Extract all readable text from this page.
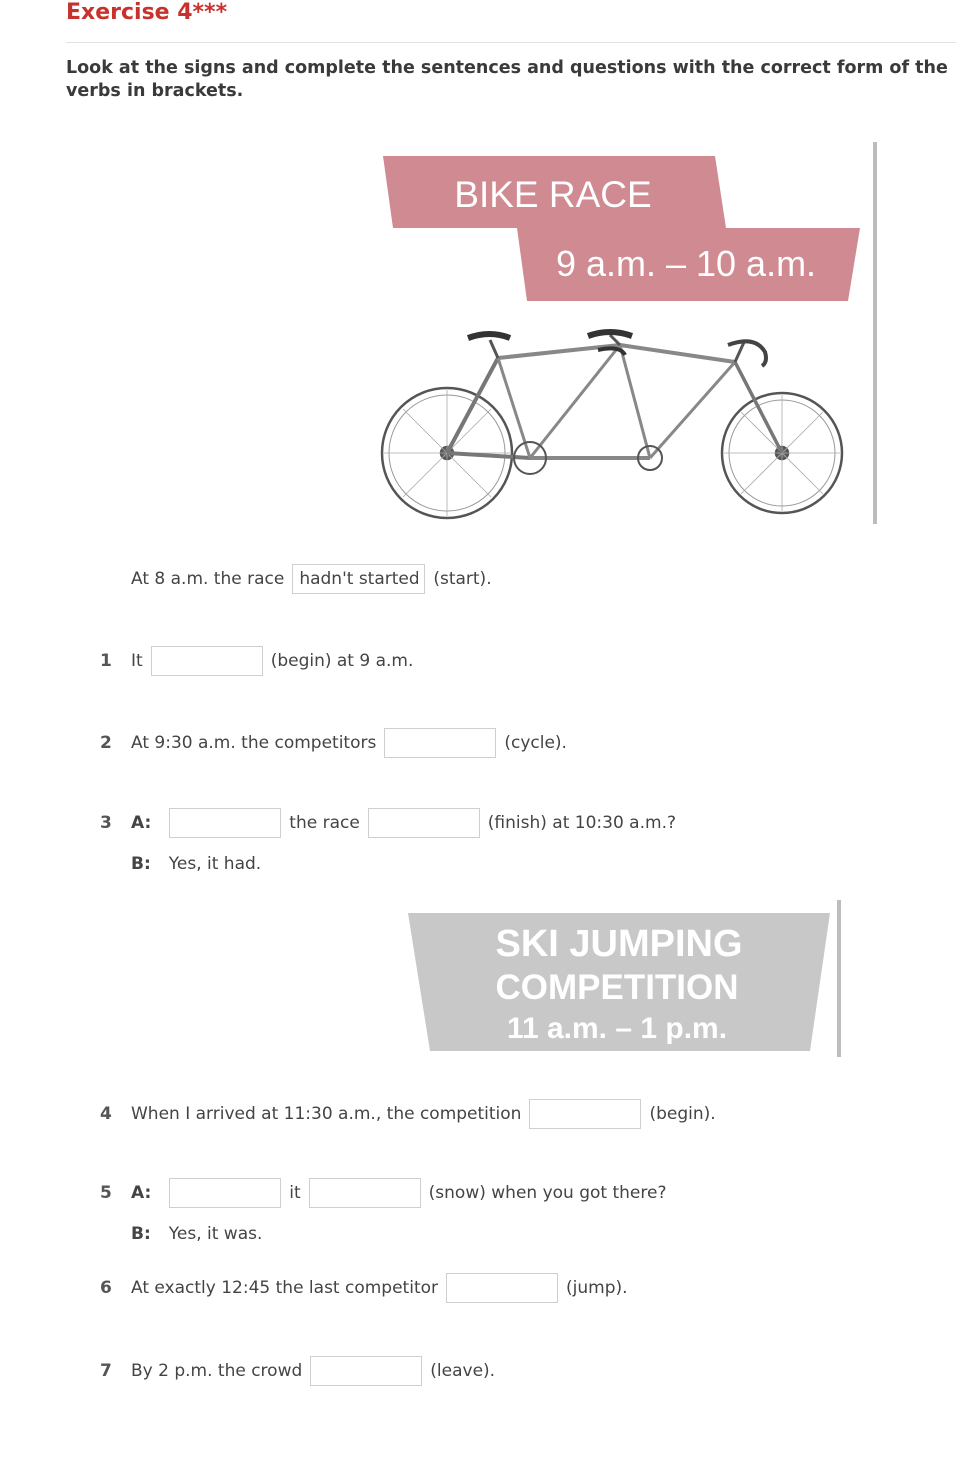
Exercise 4***

Look at the signs and complete the sentences and questions with the correct form of the verbs in brackets.

BIKE RACE
9 a.m. – 10 a.m.
At 8 a.m. the race
hadn't started	(start).
1 It	(begin) at 9 a.m.
2 At 9:30 a.m. the competitors	(cycle).
3 A:	the race	(finish) at 10:30 a.m.?
B: Yes, it had.
SKI JUMPING
COMPETITION
11 a.m. – 1 p.m.
4 When I arrived at 11:30 a.m., the competition	(begin).
5 A:	it	(snow) when you got there?
B: Yes, it was.
6 At exactly 12:45 the last competitor	(jump).
7 By 2 p.m. the crowd	(leave).
